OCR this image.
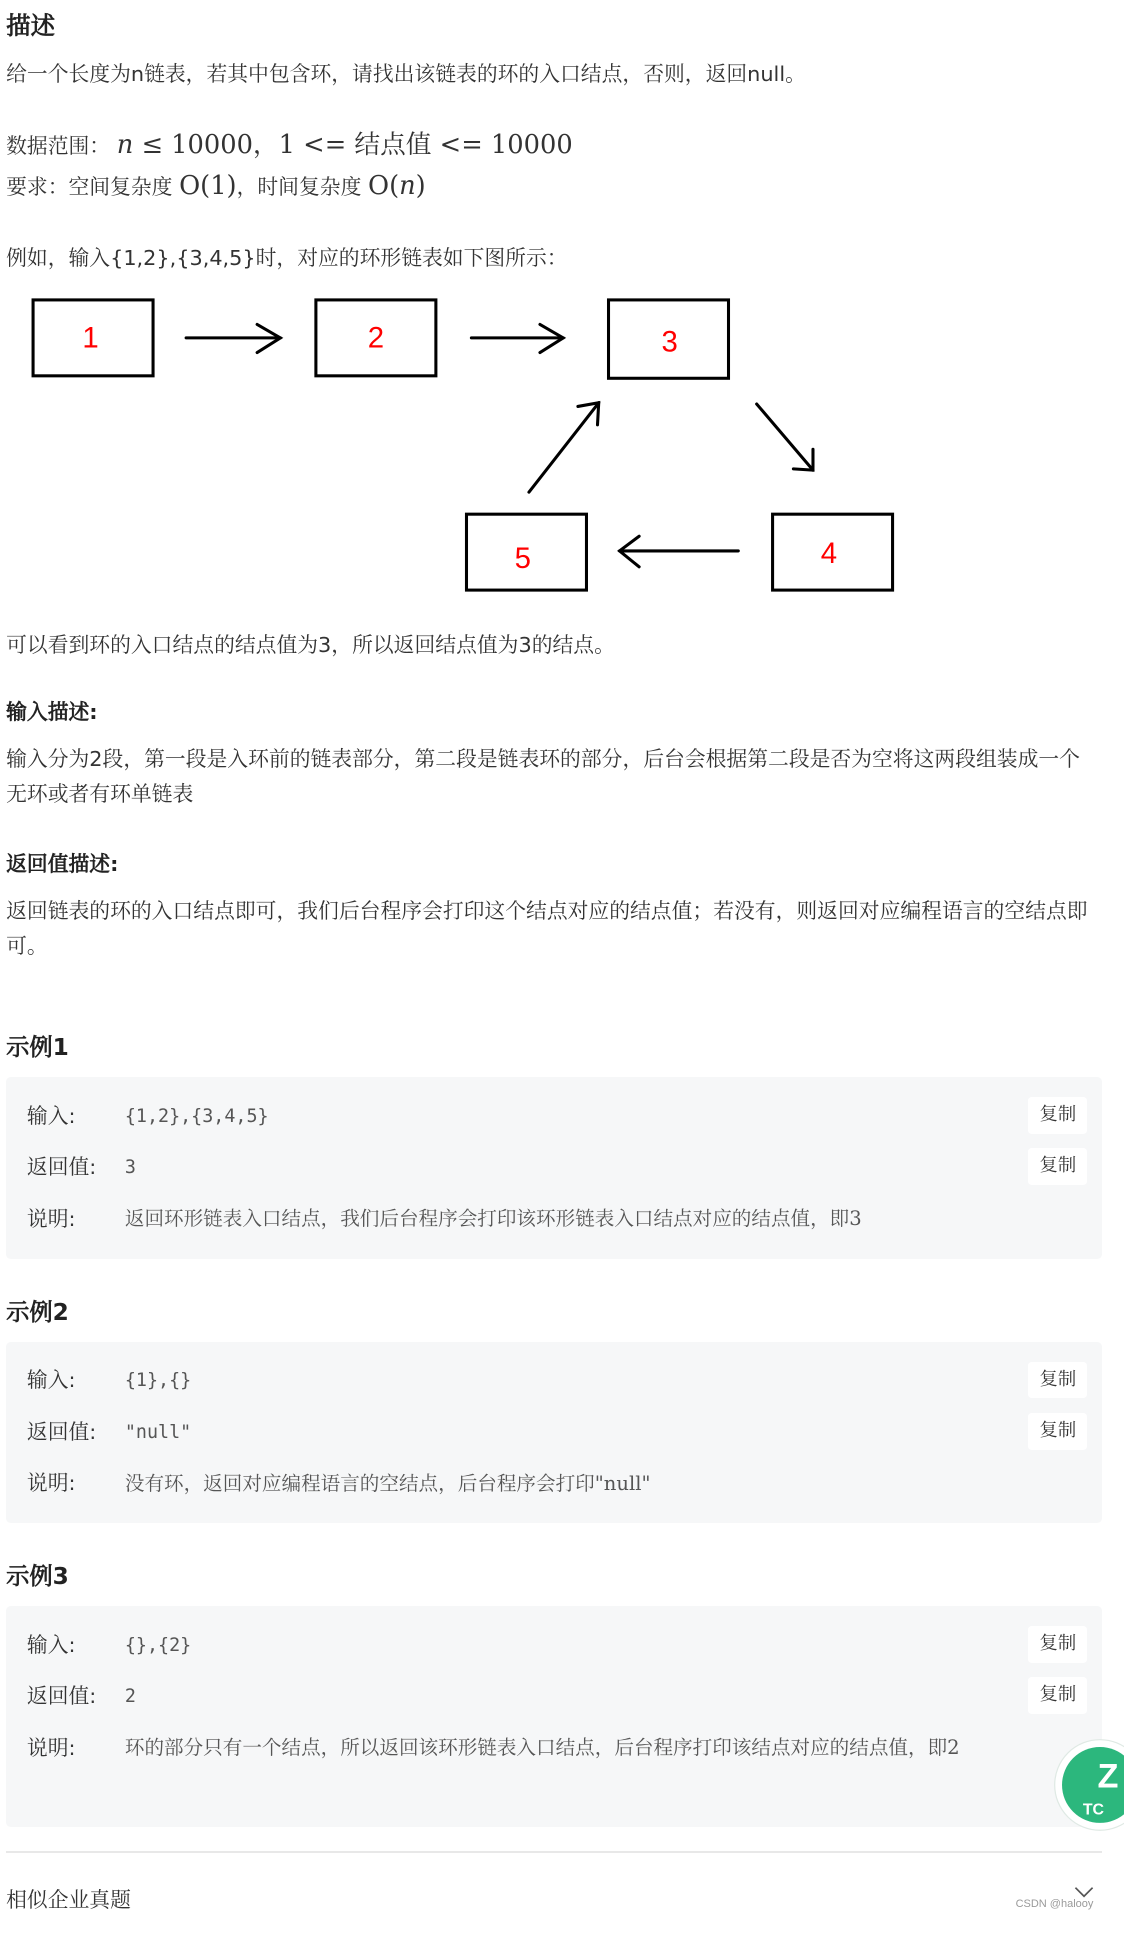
描述

给一个长度为n链表，若其中包含环，请找出该链表的环的入口结点，否则，返回null。

数据范围： n ≤ 10000，1 <= 结点值 <= 10000

要求：空间复杂度 O(1)，时间复杂度 O(n)

例如，输入{1,2},{3,4,5}时，对应的环形链表如下图所示：

1	2	3
4
5

可以看到环的入口结点的结点值为3，所以返回结点值为3的结点。

输入描述:

输入分为2段，第一段是入环前的链表部分，第二段是链表环的部分，后台会根据第二段是否为空将这两段组装成一个无环或者有环单链表

返回值描述:

返回链表的环的入口结点即可，我们后台程序会打印这个结点对应的结点值；若没有，则返回对应编程语言的空结点即可。

示例1
输入:	{1,2},{3,4,5}	复制
返回值: 3	复制
说明:	返回环形链表入口结点，我们后台程序会打印该环形链表入口结点对应的结点值，即3
示例2
输入:	{1},{}	复制
返回值: "null"	复制
说明:	没有环，返回对应编程语言的空结点，后台程序会打印"null"
示例3
输入:	{},{2}	复制
返回值: 2	复制
说明:	环的部分只有一个结点，所以返回该环形链表入口结点，后台程序打印该结点对应的结点值，即2
Z
TC

相似企业真题	CSDN @halooy
